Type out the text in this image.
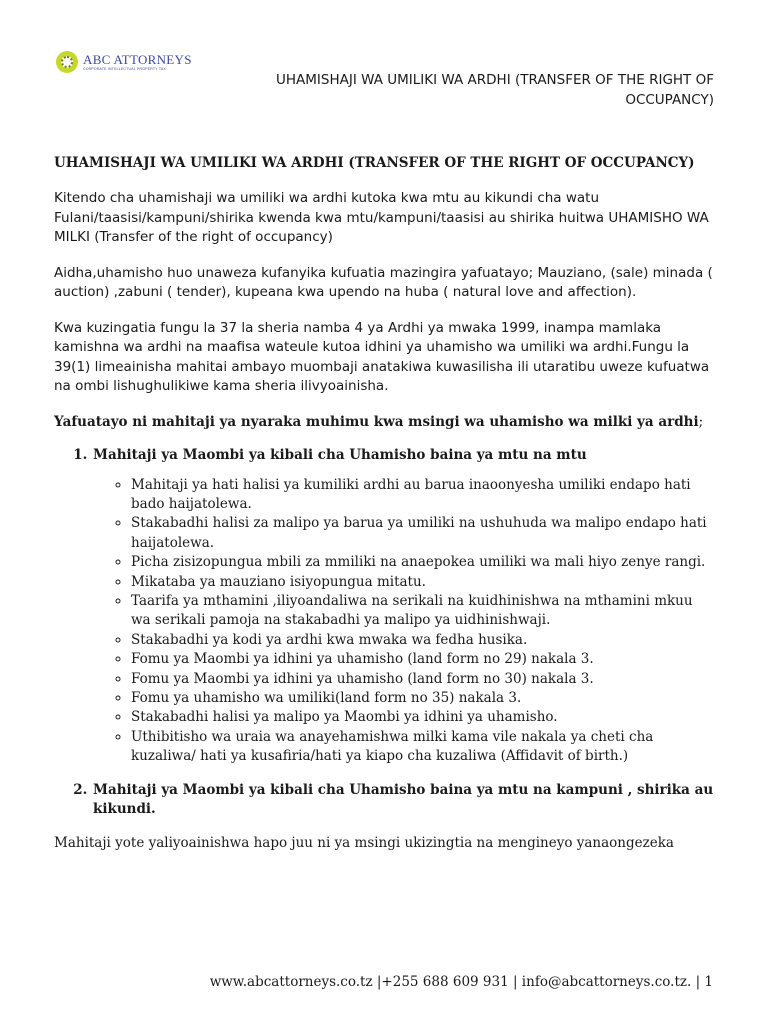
ABC ATTORNEYS
CORPORATE INTELLECTUAL PROPERTY TAX
UHAMISHAJI WA UMILIKI WA ARDHI (TRANSFER OF THE RIGHT OF OCCUPANCY)

UHAMISHAJI WA UMILIKI WA ARDHI (TRANSFER OF THE RIGHT OF OCCUPANCY)

Kitendo cha uhamishaji wa umiliki wa ardhi kutoka kwa mtu au kikundi cha watu Fulani/taasisi/kampuni/shirika kwenda kwa mtu/kampuni/taasisi au shirika huitwa UHAMISHO WA MILKI (Transfer of the right of occupancy)

Aidha,uhamisho huo unaweza kufanyika kufuatia mazingira yafuatayo; Mauziano, (sale) minada ( auction) ,zabuni ( tender), kupeana kwa upendo na huba ( natural love and affection).

Kwa kuzingatia fungu la 37 la sheria namba 4 ya Ardhi ya mwaka 1999, inampa mamlaka kamishna wa ardhi na maafisa wateule kutoa idhini ya uhamisho wa umiliki wa ardhi.Fungu la 39(1) limeainisha mahitai ambayo muombaji anatakiwa kuwasilisha ili utaratibu uweze kufuatwa na ombi lishughulikiwe kama sheria ilivyoainisha.

Yafuatayo ni mahitaji ya nyaraka muhimu kwa msingi wa uhamisho wa milki ya ardhi;

1. Mahitaji ya Maombi ya kibali cha Uhamisho baina ya mtu na mtu
◦ Mahitaji ya hati halisi ya kumiliki ardhi au barua inaoonyesha umiliki endapo hati bado haijatolewa.
◦ Stakabadhi halisi za malipo ya barua ya umiliki na ushuhuda wa malipo endapo hati haijatolewa.
◦ Picha zisizopungua mbili za mmiliki na anaepokea umiliki wa mali hiyo zenye rangi.
◦ Mikataba ya mauziano isiyopungua mitatu.
◦ Taarifa ya mthamini ,iliyoandaliwa na serikali na kuidhinishwa na mthamini mkuu wa serikali pamoja na stakabadhi ya malipo ya uidhinishwaji.
◦ Stakabadhi ya kodi ya ardhi kwa mwaka wa fedha husika.
◦ Fomu ya Maombi ya idhini ya uhamisho (land form no 29) nakala 3.
◦ Fomu ya Maombi ya idhini ya uhamisho (land form no 30) nakala 3.
◦ Fomu ya uhamisho wa umiliki(land form no 35) nakala 3.
◦ Stakabadhi halisi ya malipo ya Maombi ya idhini ya uhamisho.
◦ Uthibitisho wa uraia wa anayehamishwa milki kama vile nakala ya cheti cha kuzaliwa/ hati ya kusafiria/hati ya kiapo cha kuzaliwa (Affidavit of birth.)
2. Mahitaji ya Maombi ya kibali cha Uhamisho baina ya mtu na kampuni , shirika au kikundi.

Mahitaji yote yaliyoainishwa hapo juu ni ya msingi ukizingtia na mengineyo yanaongezeka

www.abcattorneys.co.tz |+255 688 609 931 | info@abcattorneys.co.tz. | 1
